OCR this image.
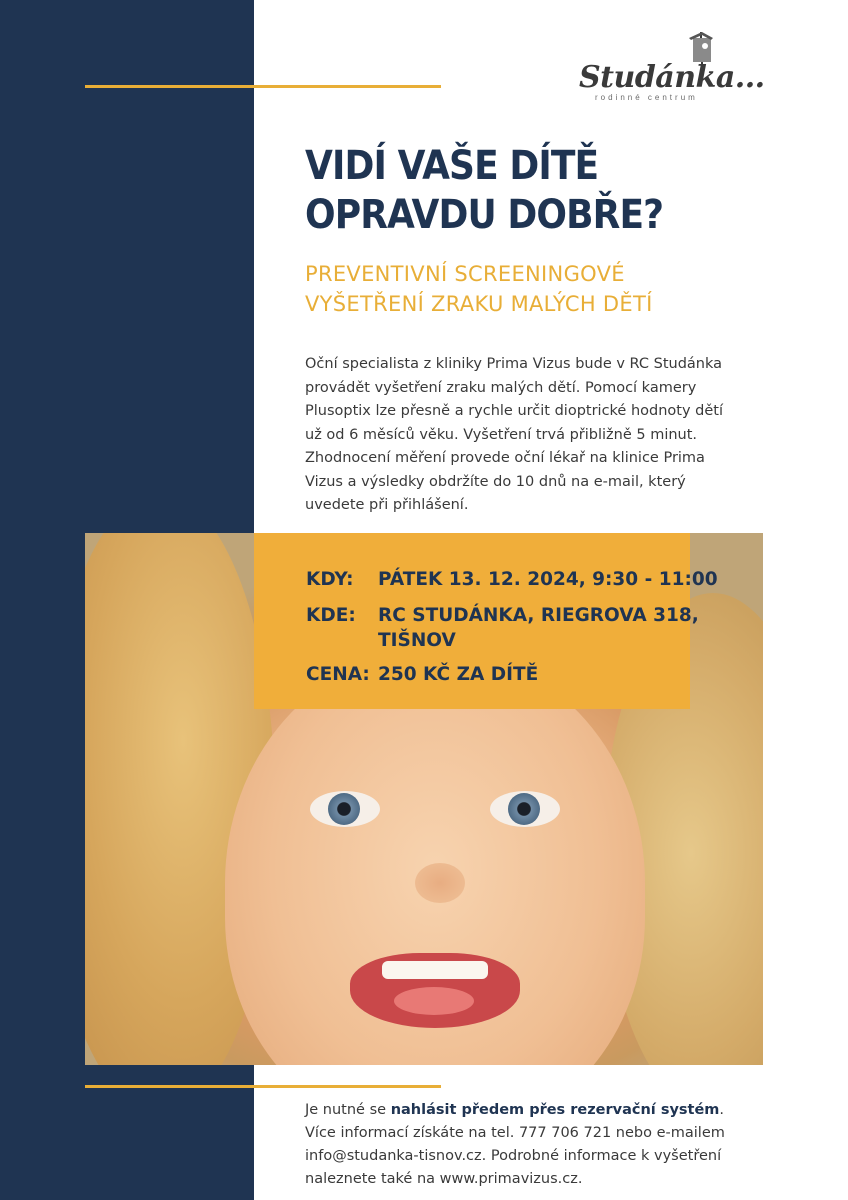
Studánka...
rodinné centrum
VIDÍ VAŠE DÍTĚ
OPRAVDU DOBŘE?
PREVENTIVNÍ SCREENINGOVÉ
VYŠETŘENÍ ZRAKU MALÝCH DĚTÍ
Oční specialista z kliniky Prima Vizus bude v RC Studánka
provádět vyšetření zraku malých dětí. Pomocí kamery
Plusoptix lze přesně a rychle určit dioptrické hodnoty dětí
už od 6 měsíců věku. Vyšetření trvá přibližně 5 minut.
Zhodnocení měření provede oční lékař na klinice Prima
Vizus a výsledky obdržíte do 10 dnů na e-mail, který
uvedete při přihlášení.
KDY: PÁTEK 13. 12. 2024, 9:30 - 11:00
KDE: RC STUDÁNKA, RIEGROVA 318,
TIŠNOV
CENA: 250 KČ ZA DÍTĚ
Je nutné se nahlásit předem přes rezervační systém.
Více informací získáte na tel. 777 706 721 nebo e-mailem
info@studanka-tisnov.cz. Podrobné informace k vyšetření
naleznete také na www.primavizus.cz.
